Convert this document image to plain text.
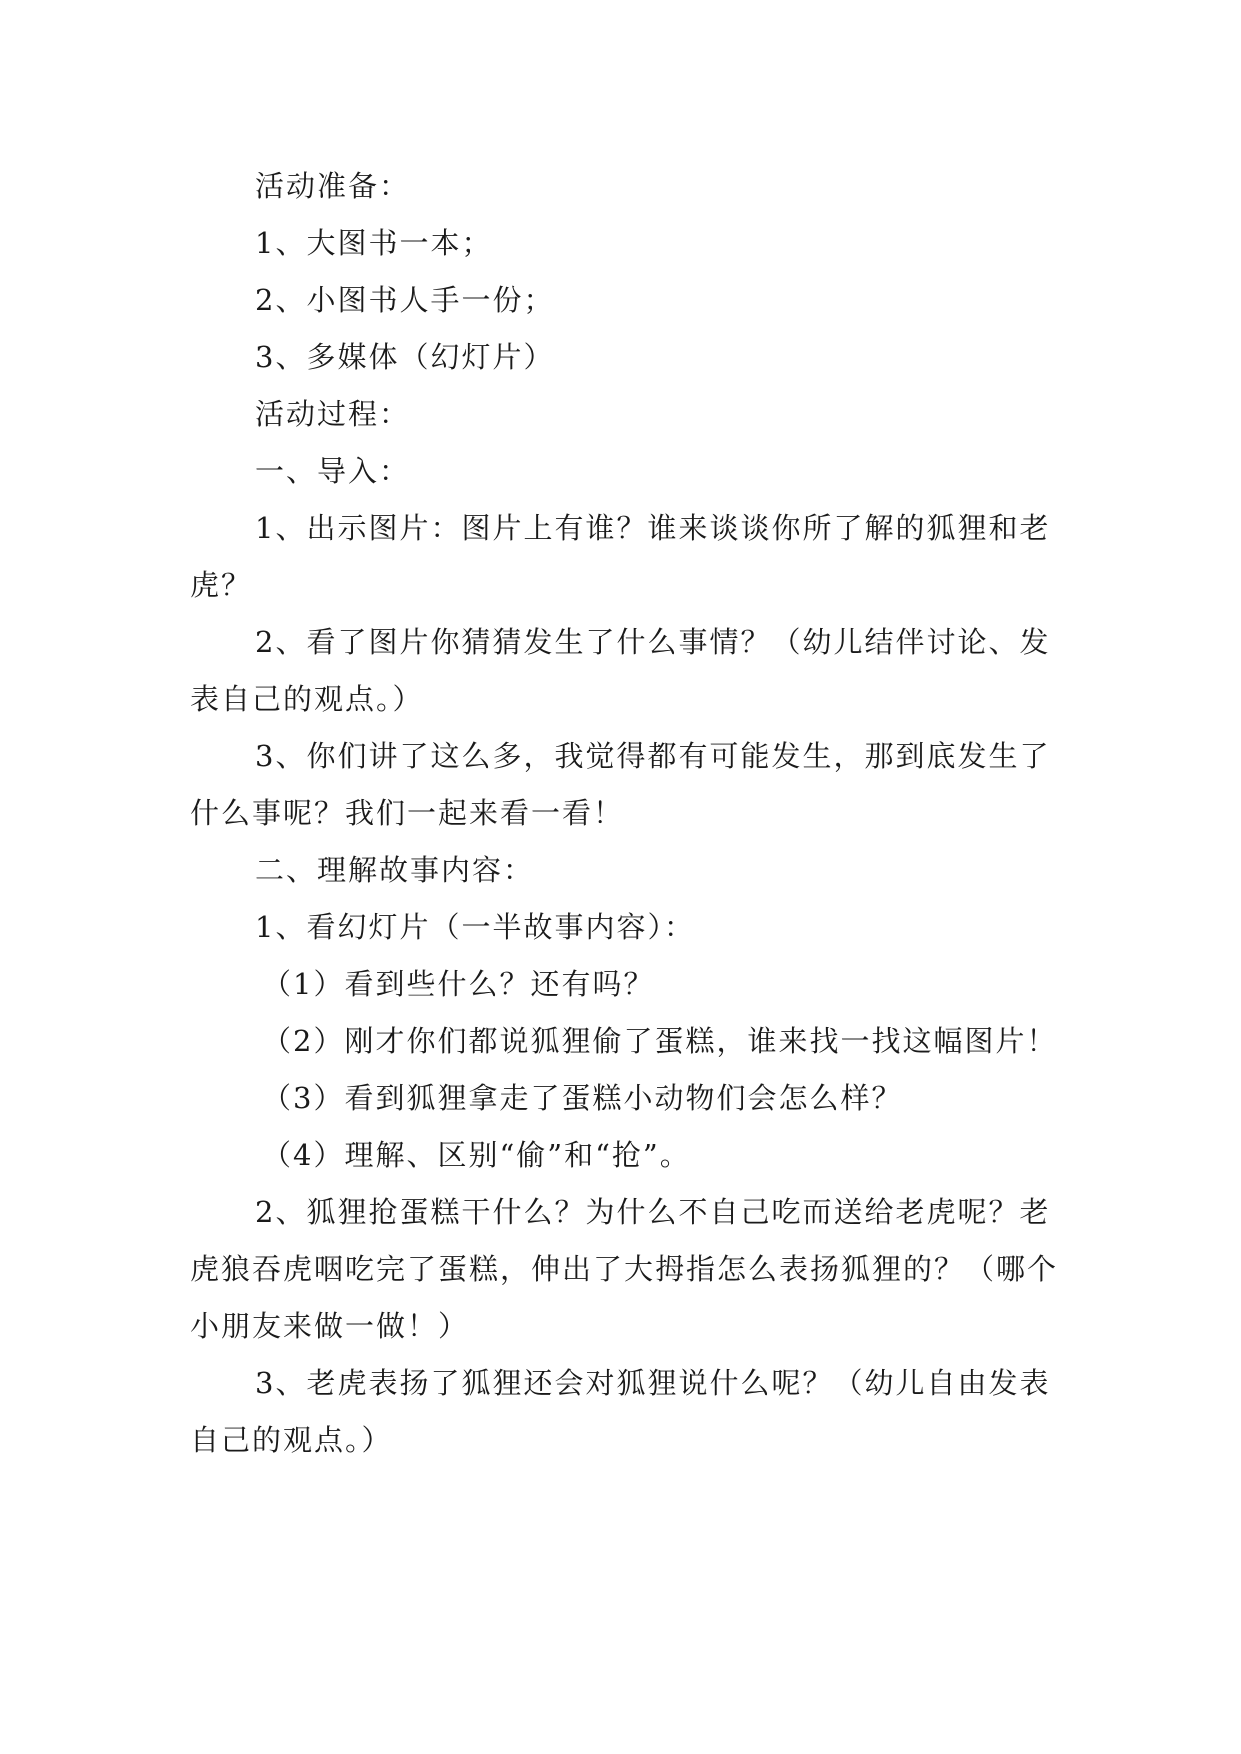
活动准备：

1、大图书一本；

2、小图书人手一份；

3、多媒体（幻灯片）

活动过程：

一、导入：

1、出示图片：图片上有谁？谁来谈谈你所了解的狐狸和老虎？

2、看了图片你猜猜发生了什么事情？（幼儿结伴讨论、发表自己的观点。）

3、你们讲了这么多，我觉得都有可能发生，那到底发生了什么事呢？我们一起来看一看！

二、理解故事内容：

1、看幻灯片（一半故事内容）：

（1）看到些什么？还有吗？

（2）刚才你们都说狐狸偷了蛋糕，谁来找一找这幅图片！

（3）看到狐狸拿走了蛋糕小动物们会怎么样？

（4）理解、区别“偷”和“抢”。

2、狐狸抢蛋糕干什么？为什么不自己吃而送给老虎呢？老虎狼吞虎咽吃完了蛋糕，伸出了大拇指怎么表扬狐狸的？（哪个小朋友来做一做！）

3、老虎表扬了狐狸还会对狐狸说什么呢？（幼儿自由发表自己的观点。）
